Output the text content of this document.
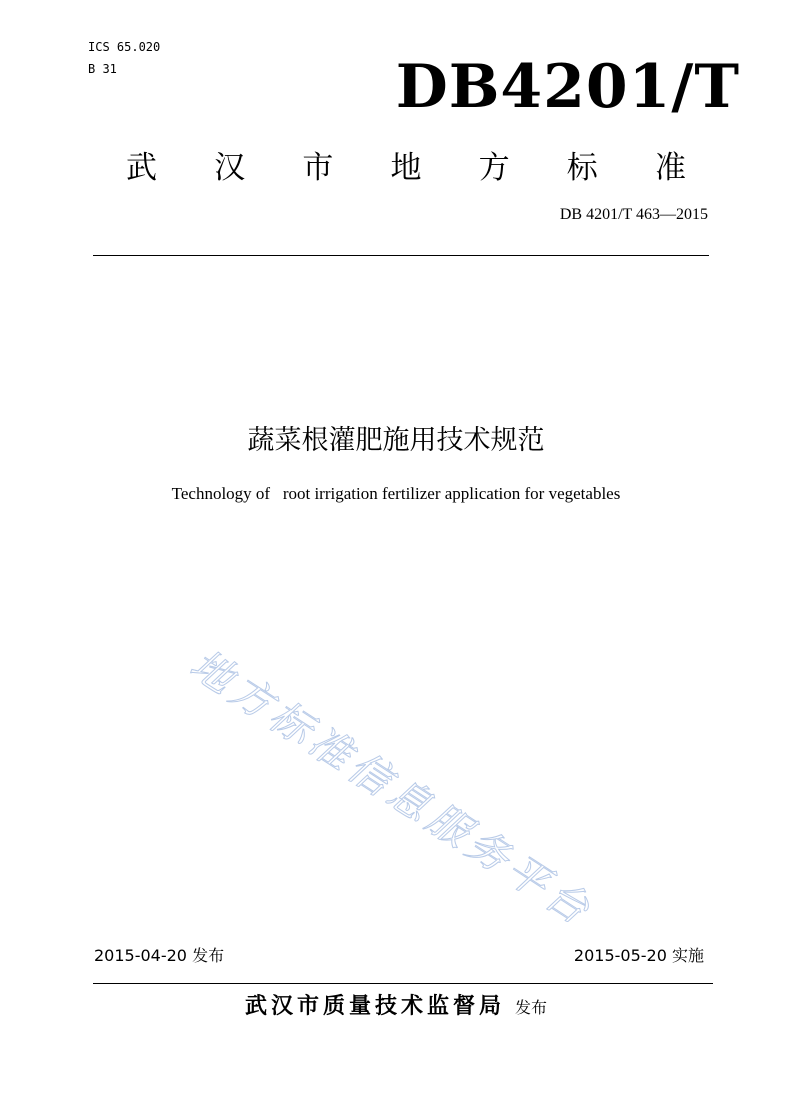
ICS 65.020
B 31	DB4201/T
武 汉 市 地 方 标 准
DB 4201/T 463—2015
蔬菜根灌肥施用技术规范
Technology of   root irrigation fertilizer application for vegetables
地方标准信息服务平台
2015-04-20 发布	2015-05-20 实施
武汉市质量技术监督局 发布
